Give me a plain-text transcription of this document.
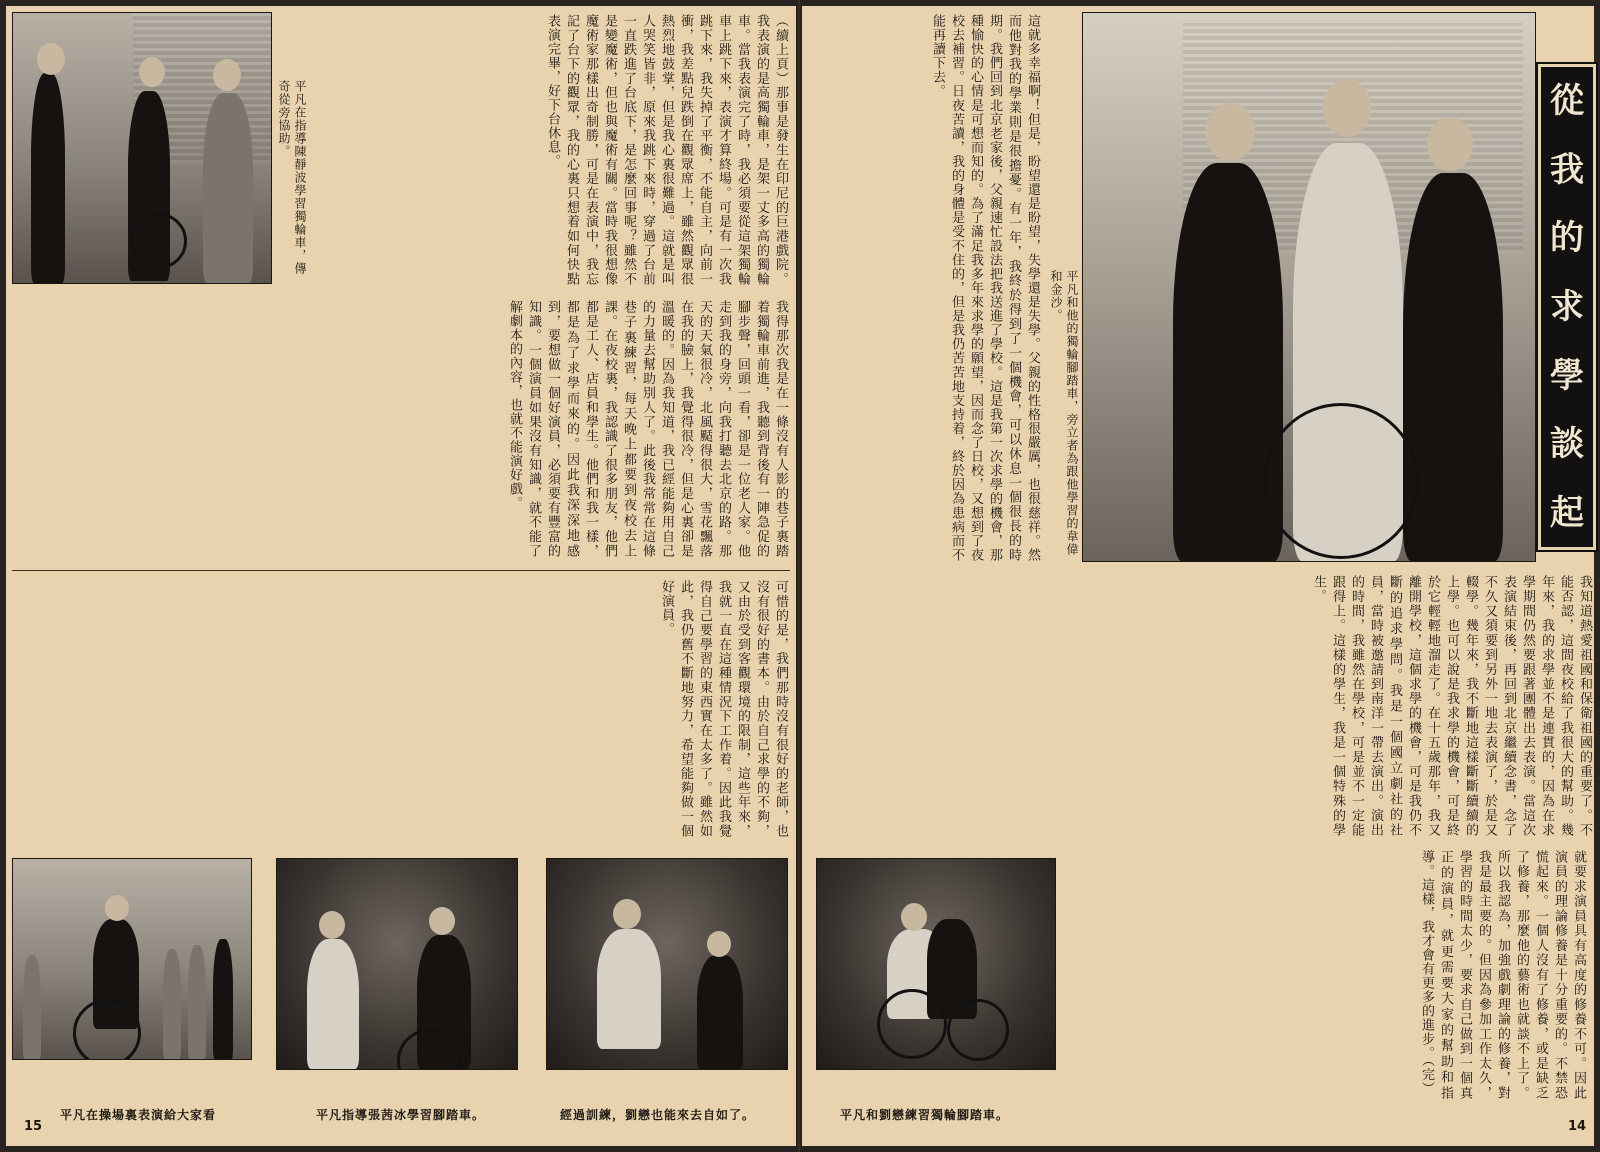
平凡在指導陳靜波學習獨輪車，傳奇從旁協助。	（續上頁）那事是發生在印尼的巨港戲院。我表演的是高獨輪車，是架一丈多高的獨輪車。當我表演完了時，我必須要從這架獨輪車上跳下來，表演才算終場。可是有一次我跳下來，我失掉了平衡，不能自主，向前一衝，我差點兒跌倒在觀眾席上，雖然觀眾很熱烈地鼓掌，但是我心裏很難過。這就是叫人哭笑皆非，原來我跳下來時，穿過了台前一直跌進了台底下，是怎麼回事呢？雖然不是變魔術，但也與魔術有關。當時我很想像魔術家那樣出奇制勝，可是在表演中，我忘記了台下的觀眾，我的心裏只想着如何快點表演完畢，好下台休息。
我得那次我是在一條沒有人影的巷子裏踏着獨輪車前進，我聽到背後有一陣急促的腳步聲，回頭一看，卻是一位老人家。他走到我的身旁，向我打聽去北京的路。那天的天氣很冷，北風颳得很大，雪花飄落在我的臉上，我覺得很冷，但是心裏卻是溫暖的。因為我知道，我已經能夠用自己的力量去幫助別人了。此後我常常在這條巷子裏練習，每天晚上都要到夜校去上課。在夜校裏，我認識了很多朋友，他們都是工人、店員和學生。他們和我一樣，都是為了求學而來的。因此我深深地感到，要想做一個好演員，必須要有豐富的知識。一個演員如果沒有知識，就不能了解劇本的內容，也就不能演好戲。
可惜的是，我們那時沒有很好的老師，也沒有很好的書本。由於自己求學的不夠，又由於受到客觀環境的限制，這些年來，我就一直在這種情況下工作着。因此我覺得自己要學習的東西實在太多了。雖然如此，我仍舊不斷地努力，希望能夠做一個好演員。
平凡和他的獨輪腳踏車，旁立者為跟他學習的韋偉和金沙。
從
我
的
求
學
談
起
這就多幸福啊！但是，盼望還是盼望，失學還是失學。父親的性格很嚴厲，也很慈祥。然而他對我的學業則是很擔憂。有一年，我終於得到了一個機會，可以休息一個很長的時期。我們回到北京老家後，父親速忙設法把我送進了學校。這是我第一次求學的機會，那種愉快的心情是可想而知的。為了滿足我多年來求學的願望，因而念了日校，又想到了夜校去補習。日夜苦讀，我的身體是受不住的，但是我仍苦苦地支持着，終於因為患病而不能再讀下去。
我知道熱愛祖國和保衛祖國的重要了。不能否認，這間夜校給了我很大的幫助。幾年來，我的求學並不是連貫的，因為在求學期間仍然要跟著團體出去表演。當這次表演結束後，再回到北京繼續念書，念了不久又須要到另外一地去表演了，於是又輟學。幾年來，我不斷地這樣斷斷續續的上學。也可以說是我求學的機會，可是終於它輕輕地溜走了。在十五歲那年，我又離開學校，這個求學的機會，可是我仍不斷的追求學問。我是一個國立劇社的社員，當時被邀請到南洋一帶去演出。演出的時間，我雖然在學校，可是並不一定能跟得上。這樣的學生，我是一個特殊的學生。
就要求演員具有高度的修養不可。因此演員的理論修養是十分重要的。不禁恐慌起來。一個人沒有了修養，或是缺乏了修養，那麼他的藝術也就談不上了。所以我認為，加強戲劇理論的修養，對我是最主要的。但因為參加工作太久，學習的時間太少，要求自己做到一個真正的演員，就更需要大家的幫助和指導。這樣，我才會有更多的進步。（完）
平凡在操場裏表演給大家看	平凡指導張茜冰學習腳踏車。	經過訓練，劉戀也能來去自如了。	平凡和劉戀練習獨輪腳踏車。
15	14
